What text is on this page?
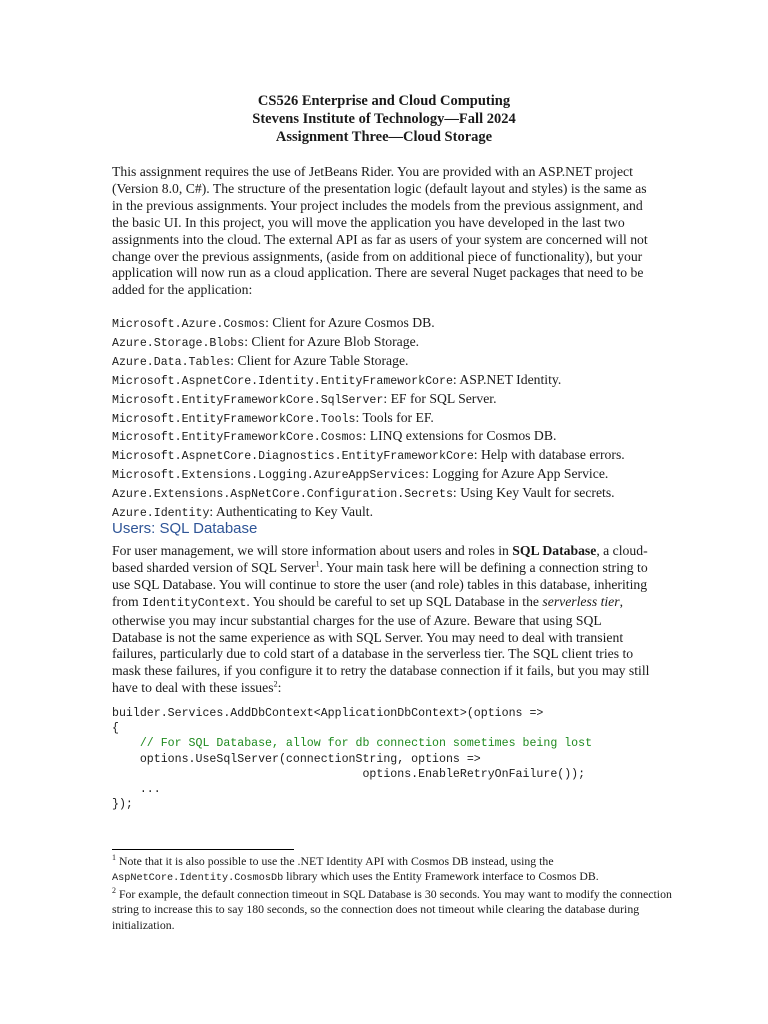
CS526 Enterprise and Cloud Computing
Stevens Institute of Technology—Fall 2024
Assignment Three—Cloud Storage

This assignment requires the use of JetBeans Rider. You are provided with an ASP.NET project (Version 8.0, C#). The structure of the presentation logic (default layout and styles) is the same as in the previous assignments. Your project includes the models from the previous assignment, and the basic UI. In this project, you will move the application you have developed in the last two assignments into the cloud. The external API as far as users of your system are concerned will not change over the previous assignments, (aside from on additional piece of functionality), but your application will now run as a cloud application. There are several Nuget packages that need to be added for the application:

Microsoft.Azure.Cosmos: Client for Azure Cosmos DB.
Azure.Storage.Blobs: Client for Azure Blob Storage.
Azure.Data.Tables: Client for Azure Table Storage.
Microsoft.AspnetCore.Identity.EntityFrameworkCore: ASP.NET Identity.
Microsoft.EntityFrameworkCore.SqlServer: EF for SQL Server.
Microsoft.EntityFrameworkCore.Tools: Tools for EF.
Microsoft.EntityFrameworkCore.Cosmos: LINQ extensions for Cosmos DB.
Microsoft.AspnetCore.Diagnostics.EntityFrameworkCore: Help with database errors.
Microsoft.Extensions.Logging.AzureAppServices: Logging for Azure App Service.
Azure.Extensions.AspNetCore.Configuration.Secrets: Using Key Vault for secrets.
Azure.Identity: Authenticating to Key Vault.
Users: SQL Database

For user management, we will store information about users and roles in SQL Database, a cloud-based sharded version of SQL Server$^1$. Your main task here will be defining a connection string to use SQL Database. You will continue to store the user (and role) tables in this database, inheriting from IdentityContext. You should be careful to set up SQL Database in the serverless tier, otherwise you may incur substantial charges for the use of Azure. Beware that using SQL Database is not the same experience as with SQL Server. You may need to deal with transient failures, particularly due to cold start of a database in the serverless tier. The SQL client tries to mask these failures, if you configure it to retry the database connection if it fails, but you may still have to deal with these issues$^2$:

builder.Services.AddDbContext<ApplicationDbContext>(options =>
{
// For SQL Database, allow for db connection sometimes being lost
options.UseSqlServer(connectionString, options =>
options.EnableRetryOnFailure());
...
});
$^1$ Note that it is also possible to use the .NET Identity API with Cosmos DB instead, using the AspNetCore.Identity.CosmosDb library which uses the Entity Framework interface to Cosmos DB.
$^2$ For example, the default connection timeout in SQL Database is 30 seconds. You may want to modify the connection string to increase this to say 180 seconds, so the connection does not timeout while clearing the database during initialization.
